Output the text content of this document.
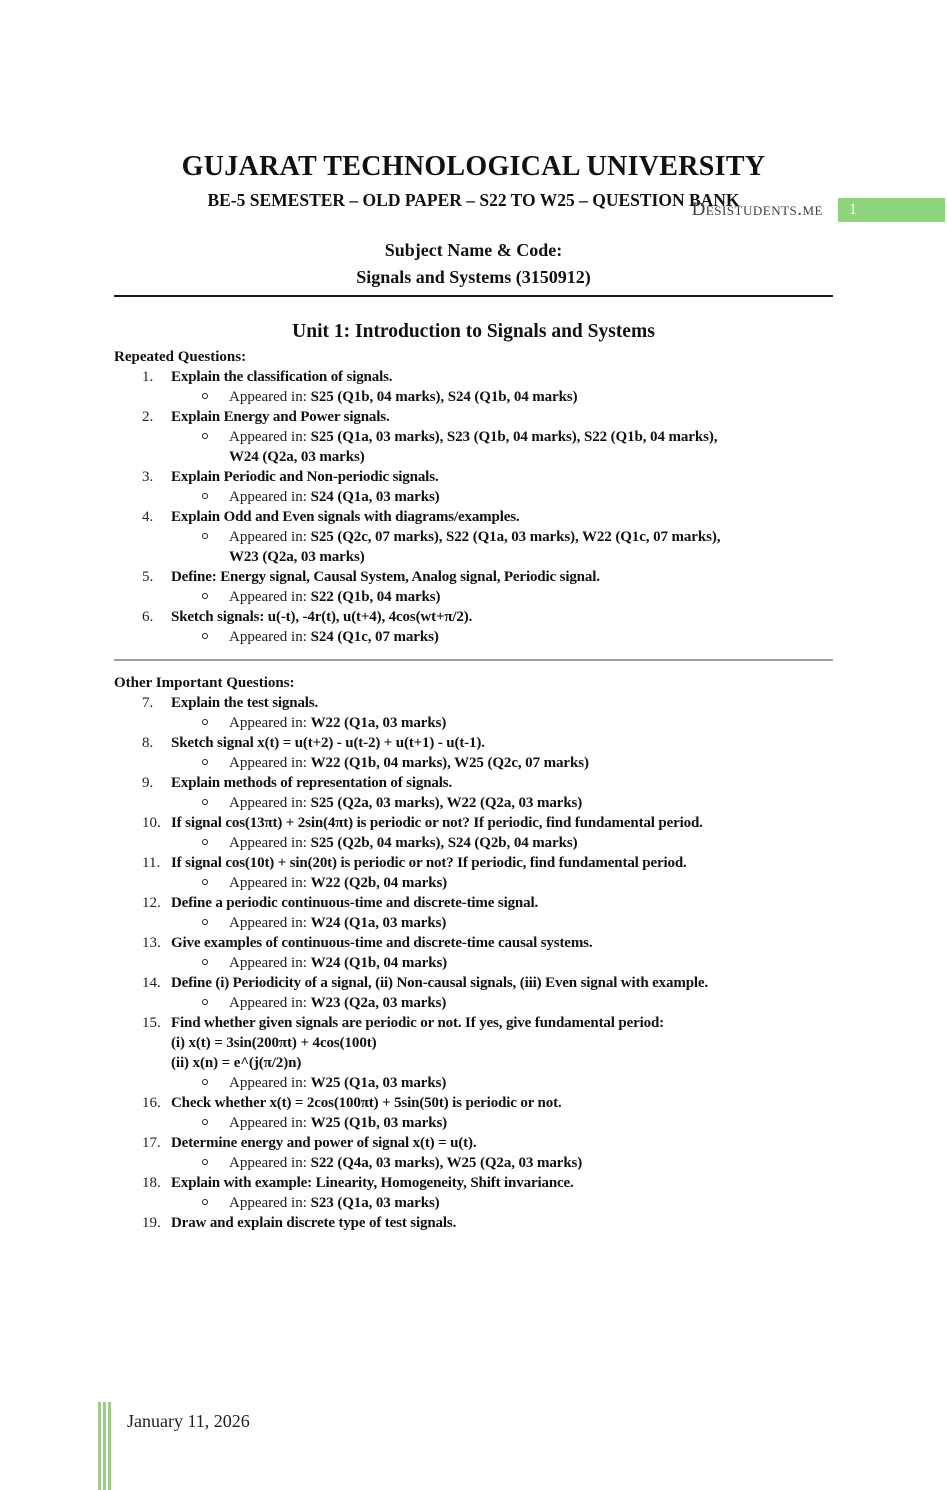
Desistudents.me	1
GUJARAT TECHNOLOGICAL UNIVERSITY
BE-5 SEMESTER – OLD PAPER – S22 TO W25 – QUESTION BANK
Subject Name & Code:
Signals and Systems (3150912)
Unit 1: Introduction to Signals and Systems
Repeated Questions:
1.	Explain the classification of signals.
Appeared in: S25 (Q1b, 04 marks), S24 (Q1b, 04 marks)
2.	Explain Energy and Power signals.
Appeared in: S25 (Q1a, 03 marks), S23 (Q1b, 04 marks), S22 (Q1b, 04 marks), W24 (Q2a, 03 marks)
3.	Explain Periodic and Non-periodic signals.
Appeared in: S24 (Q1a, 03 marks)
4.	Explain Odd and Even signals with diagrams/examples.
Appeared in: S25 (Q2c, 07 marks), S22 (Q1a, 03 marks), W22 (Q1c, 07 marks), W23 (Q2a, 03 marks)
5.	Define: Energy signal, Causal System, Analog signal, Periodic signal.
Appeared in: S22 (Q1b, 04 marks)
6.	Sketch signals: u(-t), -4r(t), u(t+4), 4cos(wt+π/2).
Appeared in: S24 (Q1c, 07 marks)
Other Important Questions:
7.	Explain the test signals.
Appeared in: W22 (Q1a, 03 marks)
8.	Sketch signal x(t) = u(t+2) - u(t-2) + u(t+1) - u(t-1).
Appeared in: W22 (Q1b, 04 marks), W25 (Q2c, 07 marks)
9.	Explain methods of representation of signals.
Appeared in: S25 (Q2a, 03 marks), W22 (Q2a, 03 marks)
10. If signal cos(13πt) + 2sin(4πt) is periodic or not? If periodic, find fundamental period.
Appeared in: S25 (Q2b, 04 marks), S24 (Q2b, 04 marks)
11. If signal cos(10t) + sin(20t) is periodic or not? If periodic, find fundamental period.
Appeared in: W22 (Q2b, 04 marks)
12. Define a periodic continuous-time and discrete-time signal.
Appeared in: W24 (Q1a, 03 marks)
13. Give examples of continuous-time and discrete-time causal systems.
Appeared in: W24 (Q1b, 04 marks)
14. Define (i) Periodicity of a signal, (ii) Non-causal signals, (iii) Even signal with example.
Appeared in: W23 (Q2a, 03 marks)
15. Find whether given signals are periodic or not. If yes, give fundamental period:
(i) x(t) = 3sin(200πt) + 4cos(100t)
(ii) x(n) = e^(j(π/2)n)
Appeared in: W25 (Q1a, 03 marks)
16. Check whether x(t) = 2cos(100πt) + 5sin(50t) is periodic or not.
Appeared in: W25 (Q1b, 03 marks)
17. Determine energy and power of signal x(t) = u(t).
Appeared in: S22 (Q4a, 03 marks), W25 (Q2a, 03 marks)
18. Explain with example: Linearity, Homogeneity, Shift invariance.
Appeared in: S23 (Q1a, 03 marks)
19. Draw and explain discrete type of test signals.
January 11, 2026
